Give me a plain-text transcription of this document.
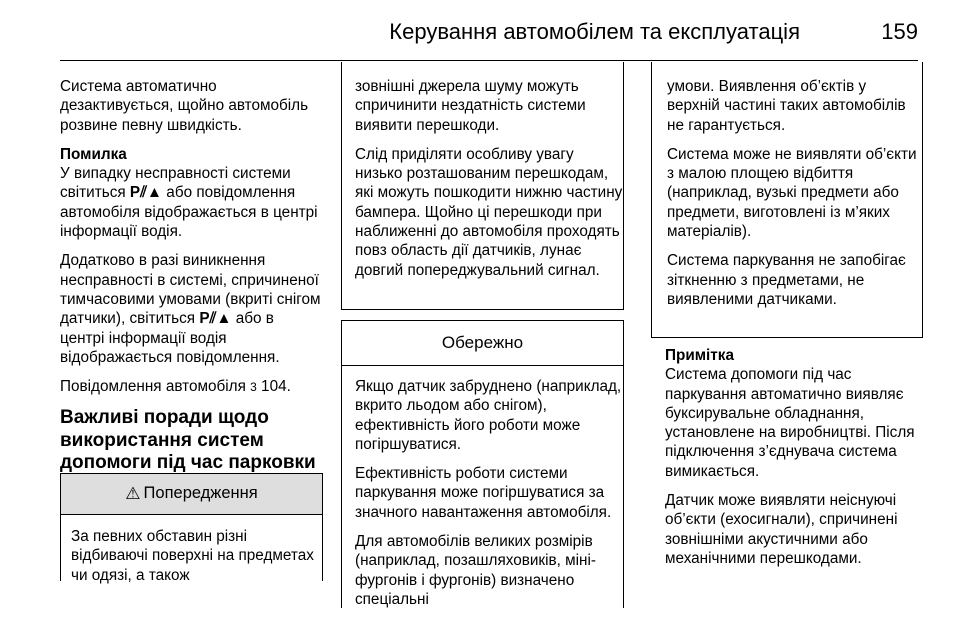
Керування автомобілем та експлуатація	159

Система автоматично дезактивується, щойно автомобіль розвине певну швидкість.

Помилка
У випадку несправності системи світиться P⫽▲ або повідомлення автомобіля відображається в центрі інформації водія.

Додатково в разі виникнення несправності в системі, спричиненої тимчасовими умовами (вкриті снігом датчики), світиться P⫽▲ або в центрі інформації водія відображається повідомлення.

Повідомлення автомобіля 3 104.

Важливі поради щодо використання систем допомоги під час парковки
⚠ Попередження

За певних обставин різні відбиваючі поверхні на предметах чи одязі, а також

зовнішні джерела шуму можуть спричинити нездатність системи виявити перешкоди.

Слід приділяти особливу увагу низько розташованим перешкодам, які можуть пошкодити нижню частину бампера. Щойно ці перешкоди при наближенні до автомобіля проходять повз область дії датчиків, лунає довгий попереджувальний сигнал.

Обережно

Якщо датчик забруднено (наприклад, вкрито льодом або снігом), ефективність його роботи може погіршуватися.

Ефективність роботи системи паркування може погіршуватися за значного навантаження автомобіля.

Для автомобілів великих розмірів (наприклад, позашляховиків, міні-фургонів і фургонів) визначено спеціальні

умови. Виявлення об’єктів у верхній частині таких автомобілів не гарантується.

Система може не виявляти об’єкти з малою площею відбиття (наприклад, вузькі предмети або предмети, виготовлені із м’яких матеріалів).

Система паркування не запобігає зіткненню з предметами, не виявленими датчиками.

Примітка
Система допомоги під час паркування автоматично виявляє буксирувальне обладнання, установлене на виробництві. Після підключення з’єднувача система вимикається.

Датчик може виявляти неіснуючі об’єкти (ехосигнали), спричинені зовнішніми акустичними або механічними перешкодами.
